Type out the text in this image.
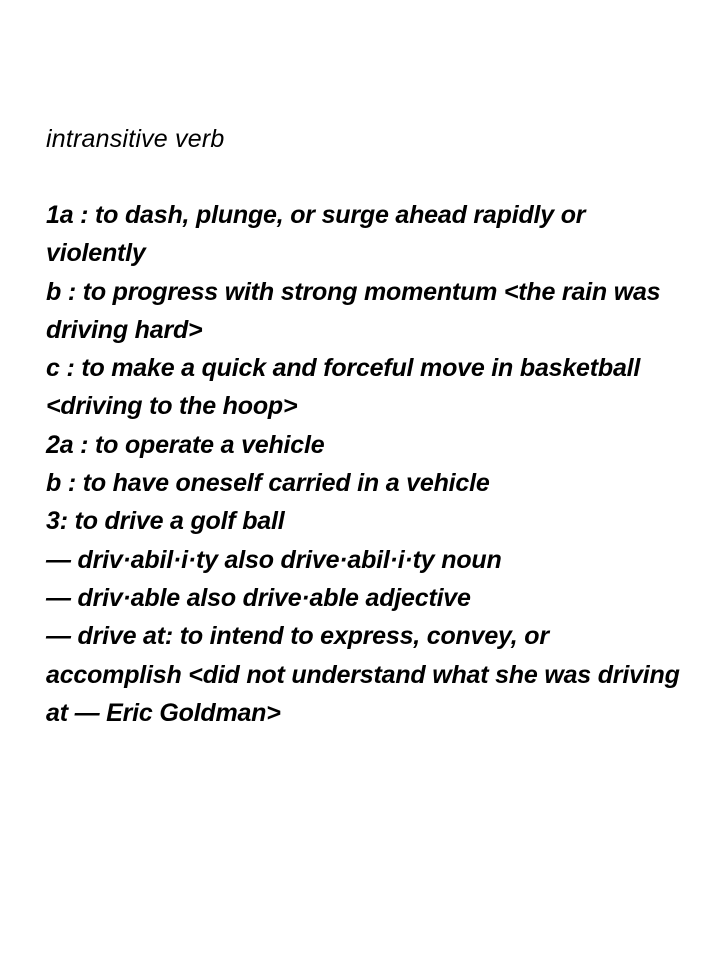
intransitive verb

1a : to dash, plunge, or surge ahead rapidly or violently
b : to progress with strong momentum <the rain was driving hard>
c : to make a quick and forceful move in basketball <driving to the hoop>
2a : to operate a vehicle
b : to have oneself carried in a vehicle
3: to drive a golf ball
— driv·abil·i·ty also drive·abil·i·ty noun
— driv·able also drive·able adjective
— drive at: to intend to express, convey, or accomplish <did not understand what she was driving at — Eric Goldman>
